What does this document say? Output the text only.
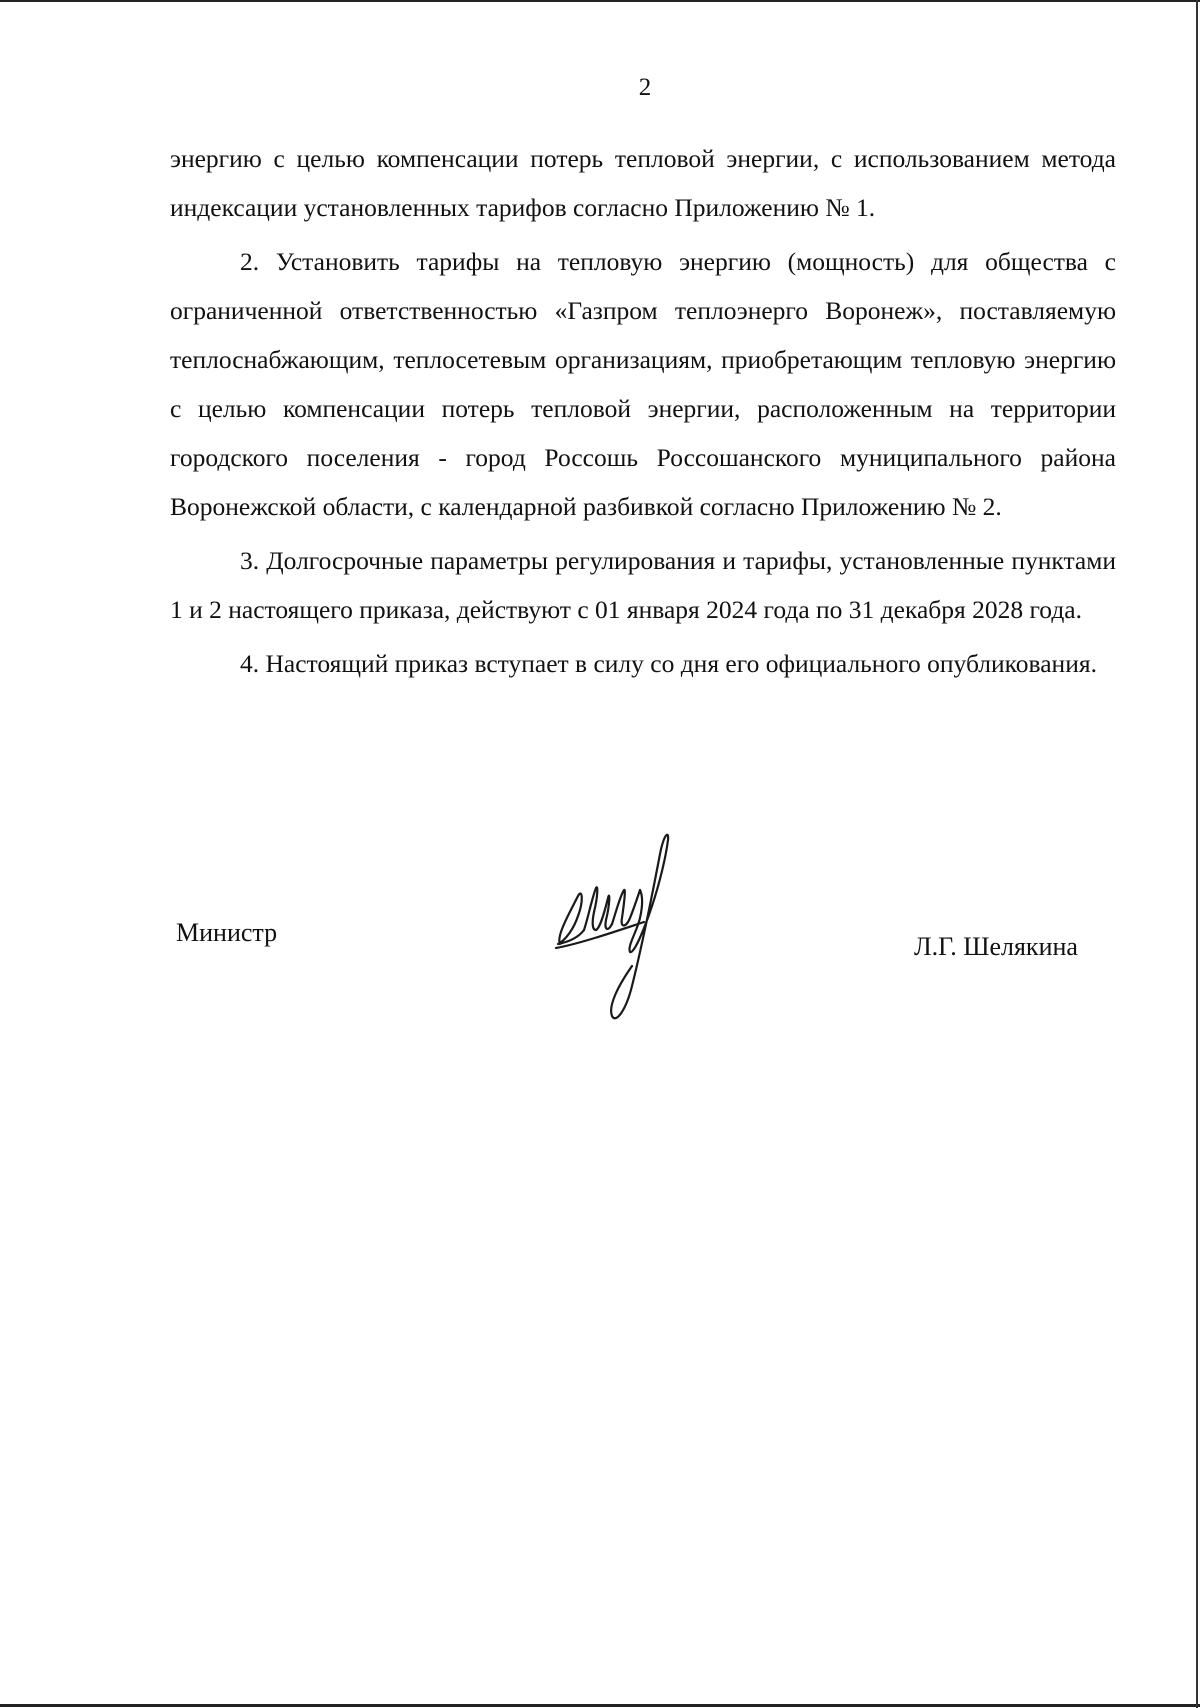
2

энергию с целью компенсации потерь тепловой энергии, с использованием метода индексации установленных тарифов согласно Приложению № 1.

2. Установить тарифы на тепловую энергию (мощность) для общества с ограниченной ответственностью «Газпром теплоэнерго Воронеж», поставляемую теплоснабжающим, теплосетевым организациям, приобретающим тепловую энергию с целью компенсации потерь тепловой энергии, расположенным на территории городского поселения - город Россошь Россошанского муниципального района Воронежской области, с календарной разбивкой согласно Приложению № 2.

3. Долгосрочные параметры регулирования и тарифы, установленные пунктами 1 и 2 настоящего приказа, действуют с 01 января 2024 года по 31 декабря 2028 года.

4. Настоящий приказ вступает в силу со дня его официального опубликования.

Министр	Л.Г. Шелякина
